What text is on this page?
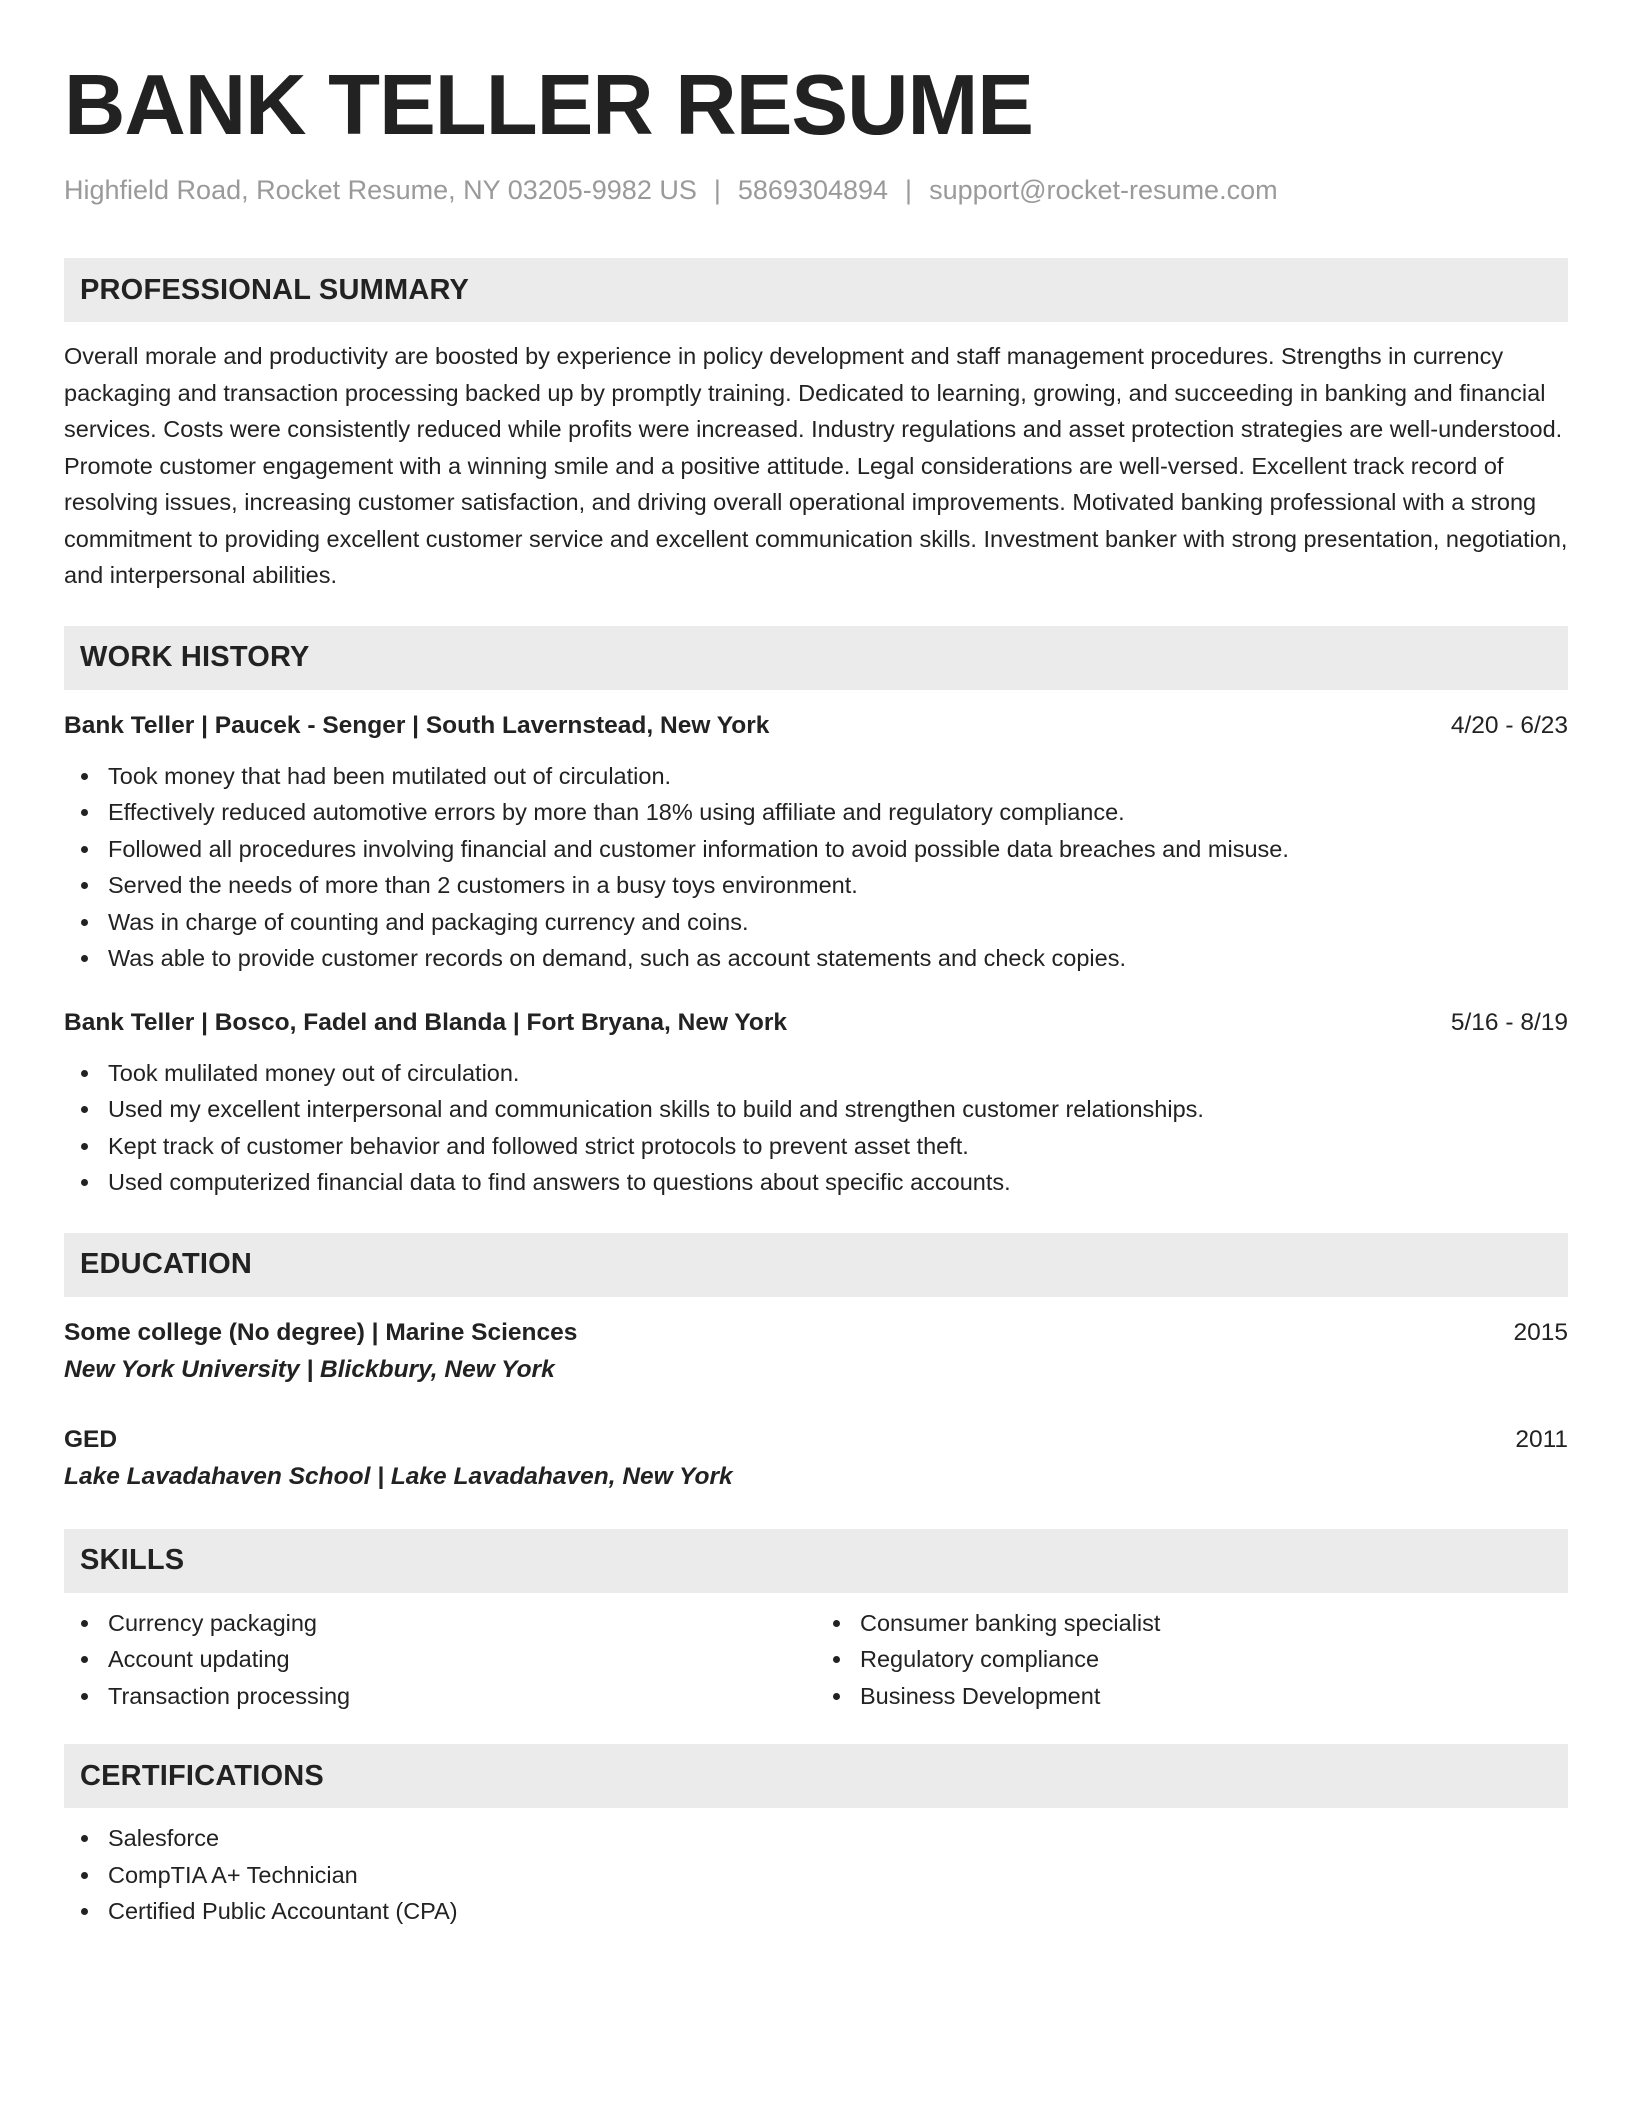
BANK TELLER RESUME
Highfield Road, Rocket Resume, NY 03205-9982 US | 5869304894 | support@rocket-resume.com
PROFESSIONAL SUMMARY
Overall morale and productivity are boosted by experience in policy development and staff management procedures. Strengths in currency packaging and transaction processing backed up by promptly training. Dedicated to learning, growing, and succeeding in banking and financial services. Costs were consistently reduced while profits were increased. Industry regulations and asset protection strategies are well-understood. Promote customer engagement with a winning smile and a positive attitude. Legal considerations are well-versed. Excellent track record of resolving issues, increasing customer satisfaction, and driving overall operational improvements. Motivated banking professional with a strong commitment to providing excellent customer service and excellent communication skills. Investment banker with strong presentation, negotiation, and interpersonal abilities.
WORK HISTORY
Bank Teller | Paucek - Senger | South Lavernstead, New York	4/20 - 6/23
Took money that had been mutilated out of circulation.
Effectively reduced automotive errors by more than 18% using affiliate and regulatory compliance.
Followed all procedures involving financial and customer information to avoid possible data breaches and misuse.
Served the needs of more than 2 customers in a busy toys environment.
Was in charge of counting and packaging currency and coins.
Was able to provide customer records on demand, such as account statements and check copies.
Bank Teller | Bosco, Fadel and Blanda | Fort Bryana, New York	5/16 - 8/19
Took mulilated money out of circulation.
Used my excellent interpersonal and communication skills to build and strengthen customer relationships.
Kept track of customer behavior and followed strict protocols to prevent asset theft.
Used computerized financial data to find answers to questions about specific accounts.
EDUCATION
Some college (No degree) | Marine Sciences	2015
New York University | Blickbury, New York
GED	2011
Lake Lavadahaven School | Lake Lavadahaven, New York
SKILLS
Currency packaging
Account updating
Transaction processing
Consumer banking specialist
Regulatory compliance
Business Development
CERTIFICATIONS
Salesforce
CompTIA A+ Technician
Certified Public Accountant (CPA)
